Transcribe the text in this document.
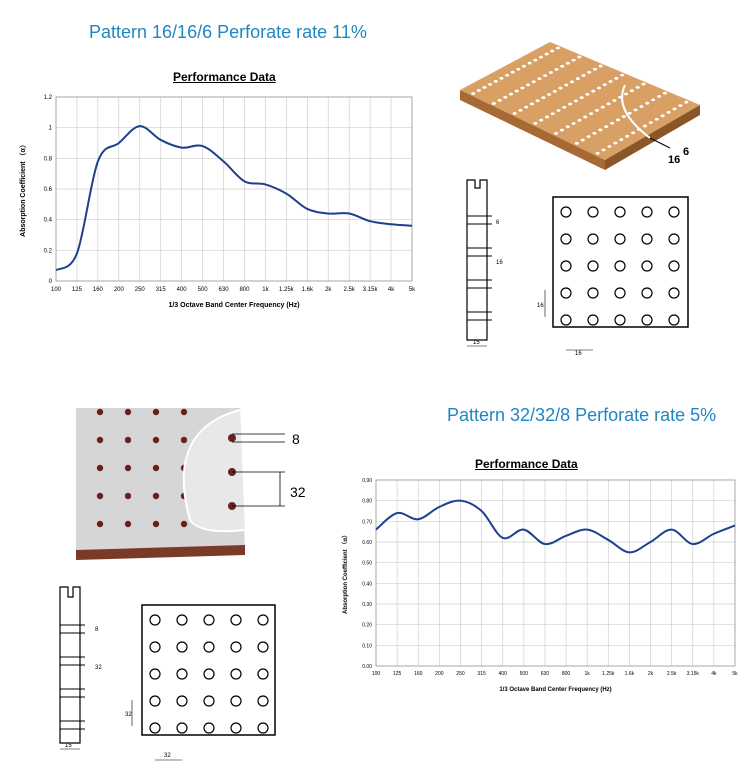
Pattern 16/16/6 Perforate rate 11%
Performance Data
0
0.2
0.4
0.6
0.8
1
1.2
100 125 160 200 250 315 400 500 630 800 1k 1.25k 1.6k 2k 2.5k 3.15k 4k 5k
1/3 Octave Band Center Frequency (Hz)
Absorption Coefficient （α）	16
6
6
16
15
16
16
8
32
8
32
15
32
32
Pattern 32/32/8 Perforate rate 5%
Performance Data
0.00
0.10
0.20
0.30
0.40
0.50
0.60
0.70
0.80
0.90
100	125	160	200	250	315	400	500	630	800	1k 1.25k 1.6k	2k	2.5k 3.15k 4k	5k
1/3 Octave Band Center Frequency (Hz)
Absorption Coefficient （α）
